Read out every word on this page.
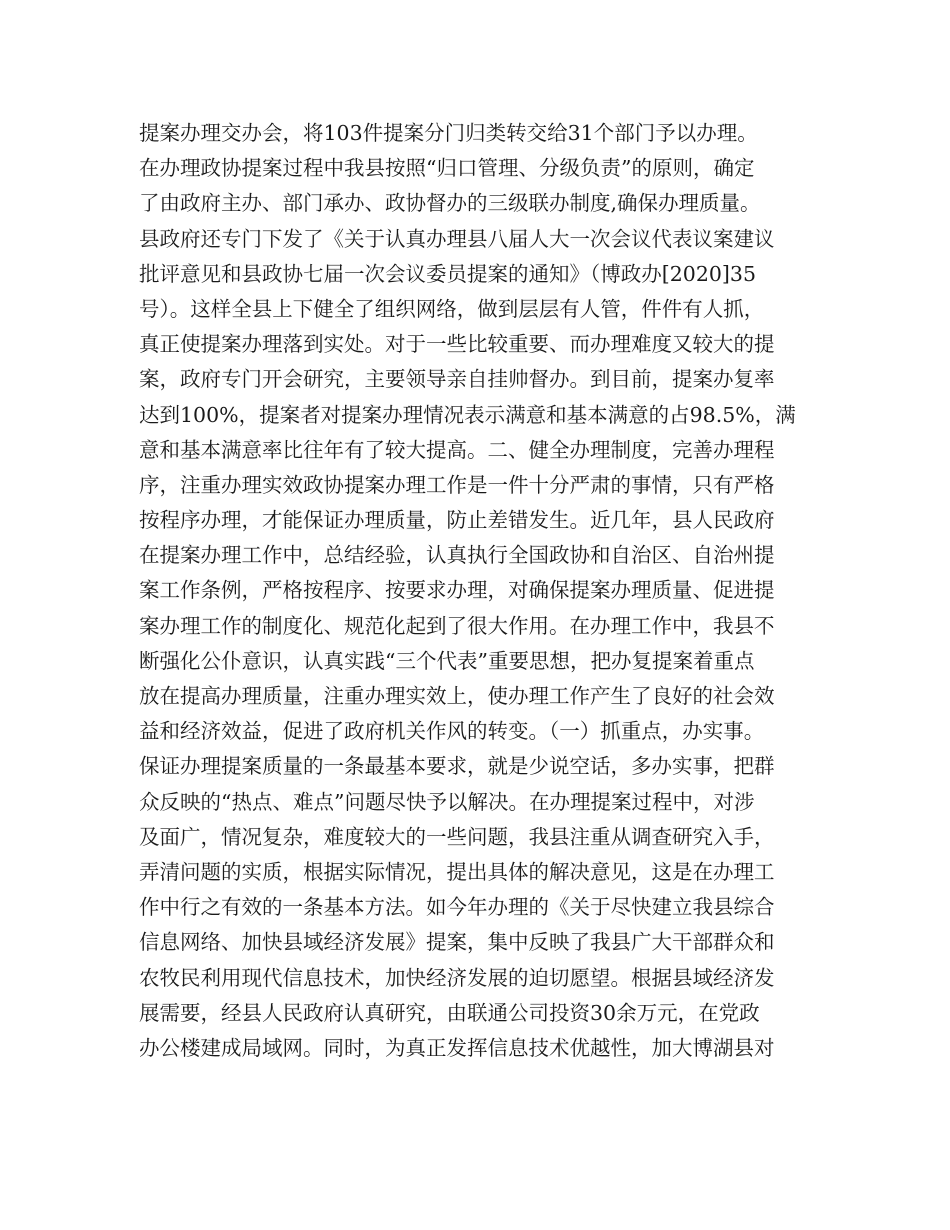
提案办理交办会，将103件提案分门归类转交给31个部门予以办理。
在办理政协提案过程中我县按照“归口管理、分级负责”的原则，确定
了由政府主办、部门承办、政协督办的三级联办制度,确保办理质量。
县政府还专门下发了《关于认真办理县八届人大一次会议代表议案建议
批评意见和县政协七届一次会议委员提案的通知》（博政办[2020]35
号）。这样全县上下健全了组织网络，做到层层有人管，件件有人抓，
真正使提案办理落到实处。对于一些比较重要、而办理难度又较大的提
案，政府专门开会研究，主要领导亲自挂帅督办。到目前，提案办复率
达到100%，提案者对提案办理情况表示满意和基本满意的占98.5%，满
意和基本满意率比往年有了较大提高。二、健全办理制度，完善办理程
序，注重办理实效政协提案办理工作是一件十分严肃的事情，只有严格
按程序办理，才能保证办理质量，防止差错发生。近几年，县人民政府
在提案办理工作中，总结经验，认真执行全国政协和自治区、自治州提
案工作条例，严格按程序、按要求办理，对确保提案办理质量、促进提
案办理工作的制度化、规范化起到了很大作用。在办理工作中，我县不
断强化公仆意识，认真实践“三个代表”重要思想，把办复提案着重点
放在提高办理质量，注重办理实效上，使办理工作产生了良好的社会效
益和经济效益，促进了政府机关作风的转变。（一）抓重点，办实事。
保证办理提案质量的一条最基本要求，就是少说空话，多办实事，把群
众反映的“热点、难点”问题尽快予以解决。在办理提案过程中，对涉
及面广，情况复杂，难度较大的一些问题，我县注重从调查研究入手，
弄清问题的实质，根据实际情况，提出具体的解决意见，这是在办理工
作中行之有效的一条基本方法。如今年办理的《关于尽快建立我县综合
信息网络、加快县域经济发展》提案，集中反映了我县广大干部群众和
农牧民利用现代信息技术，加快经济发展的迫切愿望。根据县域经济发
展需要，经县人民政府认真研究，由联通公司投资30余万元，在党政
办公楼建成局域网。同时，为真正发挥信息技术优越性，加大博湖县对
